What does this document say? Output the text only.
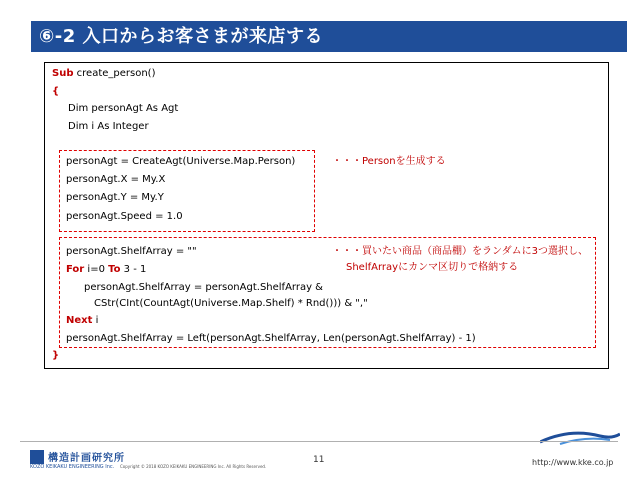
⑥-2 入口からお客さまが来店する
Sub create_person()
{
Dim personAgt As Agt
Dim i As Integer
personAgt = CreateAgt(Universe.Map.Person)
personAgt.X = My.X
personAgt.Y = My.Y
personAgt.Speed = 1.0
・・・Personを生成する
personAgt.ShelfArray = ""
For i=0 To 3 - 1
personAgt.ShelfArray = personAgt.ShelfArray &
CStr(CInt(CountAgt(Universe.Map.Shelf) * Rnd())) & ","
Next i
personAgt.ShelfArray = Left(personAgt.ShelfArray, Len(personAgt.ShelfArray) - 1)
}
・・・買いたい商品（商品棚）をランダムに3つ選択し、
ShelfArrayにカンマ区切りで格納する
構造計画研究所
KOZO KEIKAKU ENGINEERING Inc. Copyright © 2018 KOZO KEIKAKU ENGINEERING Inc. All Rights Reserved.
11	http://www.kke.co.jp
